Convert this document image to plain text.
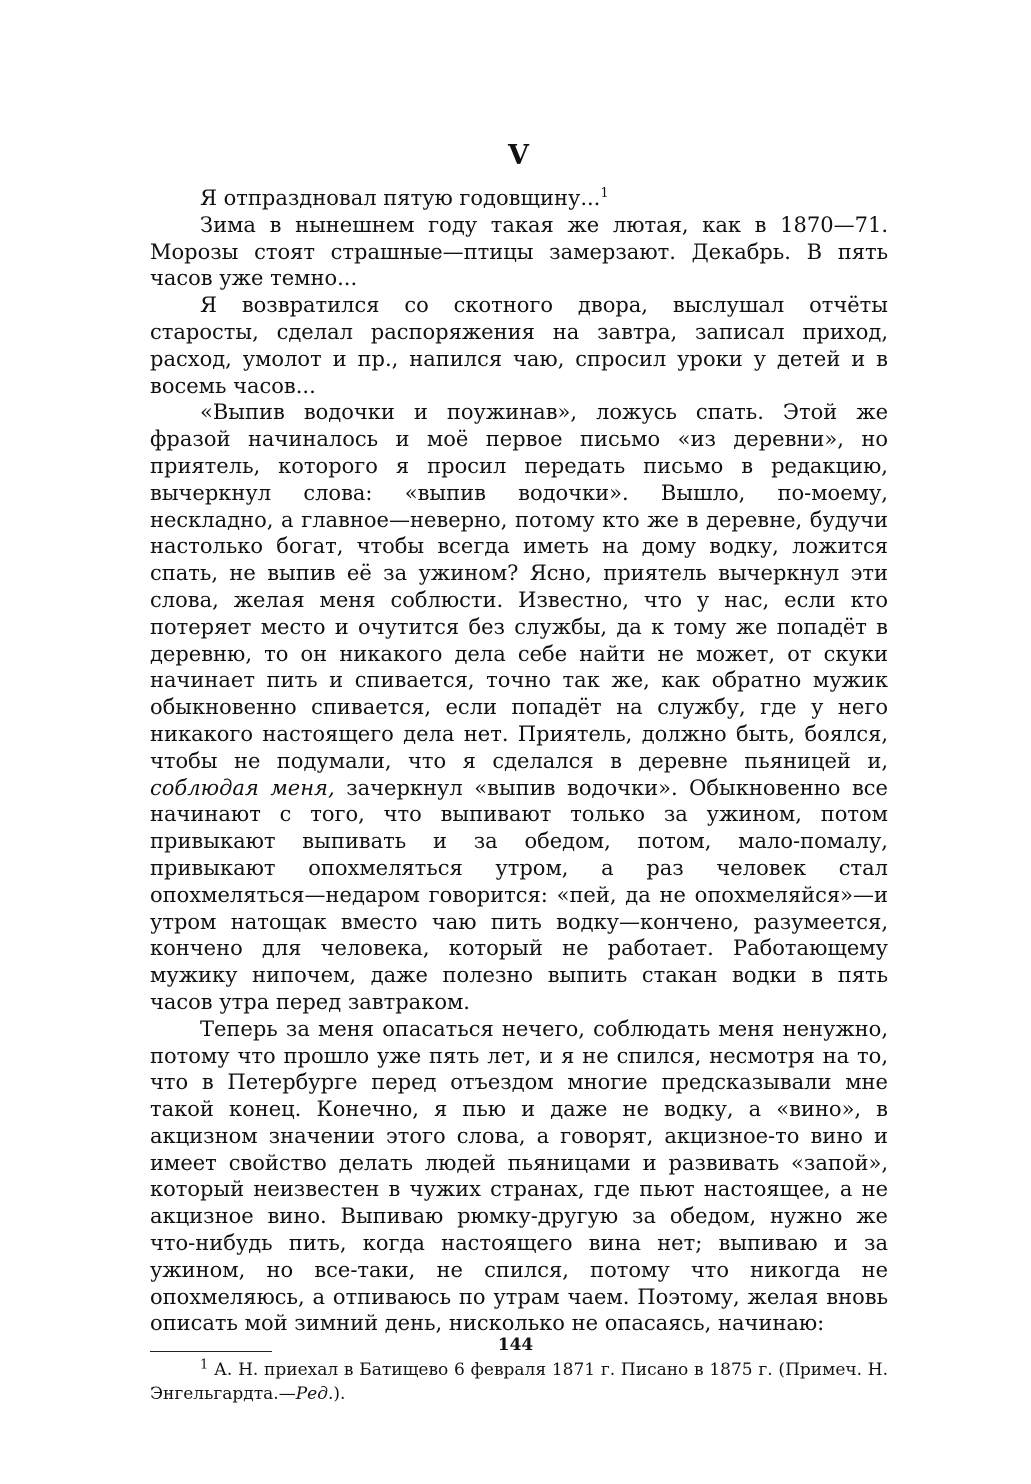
V

Я отпраздновал пятую годовщину...$^1$

Зима в нынешнем году такая же лютая, как в 1870—71. Морозы стоят страшные—птицы замерзают. Декабрь. В пять часов уже темно...

Я возвратился со скотного двора, выслушал отчёты старосты, сделал распоряжения на завтра, записал приход, расход, умолот и пр., напился чаю, спросил уроки у детей и в восемь часов...

«Выпив водочки и поужинав», ложусь спать. Этой же фразой начиналось и моё первое письмо «из деревни», но приятель, которого я просил передать письмо в редакцию, вычеркнул слова: «выпив водочки». Вышло, по-моему, нескладно, а главное—неверно, потому кто же в деревне, будучи настолько богат, чтобы всегда иметь на дому водку, ложится спать, не выпив её за ужином? Ясно, приятель вычеркнул эти слова, желая меня соблюсти. Известно, что у нас, если кто потеряет место и очутится без службы, да к тому же попадёт в деревню, то он никакого дела себе найти не может, от скуки начинает пить и спивается, точно так же, как обратно мужик обыкновенно спивается, если попадёт на службу, где у него никакого настоящего дела нет. Приятель, должно быть, боялся, чтобы не подумали, что я сделался в деревне пьяницей и, соблюдая меня, зачеркнул «выпив водочки». Обыкновенно все начинают с того, что выпивают только за ужином, потом привыкают выпивать и за обедом, потом, мало-помалу, привыкают опохмеляться утром, а раз человек стал опохмеляться—недаром говорится: «пей, да не опохмеляйся»—и утром натощак вместо чаю пить водку—кончено, разумеется, кончено для человека, который не работает. Работающему мужику нипочем, даже полезно выпить стакан водки в пять часов утра перед завтраком.

Теперь за меня опасаться нечего, соблюдать меня ненужно, потому что прошло уже пять лет, и я не спился, несмотря на то, что в Петербурге перед отъездом многие предсказывали мне такой конец. Конечно, я пью и даже не водку, а «вино», в акцизном значении этого слова, а говорят, акцизное-то вино и имеет свойство делать людей пьяницами и развивать «запой», который неизвестен в чужих странах, где пьют настоящее, а не акцизное вино. Выпиваю рюмку-другую за обедом, нужно же что-нибудь пить, когда настоящего вина нет; выпиваю и за ужином, но все-таки, не спился, потому что никогда не опохмеляюсь, а отпиваюсь по утрам чаем. Поэтому, желая вновь описать мой зимний день, нисколько не опасаясь, начинаю:

$^1$ А. Н. приехал в Батищево 6 февраля 1871 г. Писано в 1875 г. (Примеч. Н. Энгельгардта.—Ред.).

144
